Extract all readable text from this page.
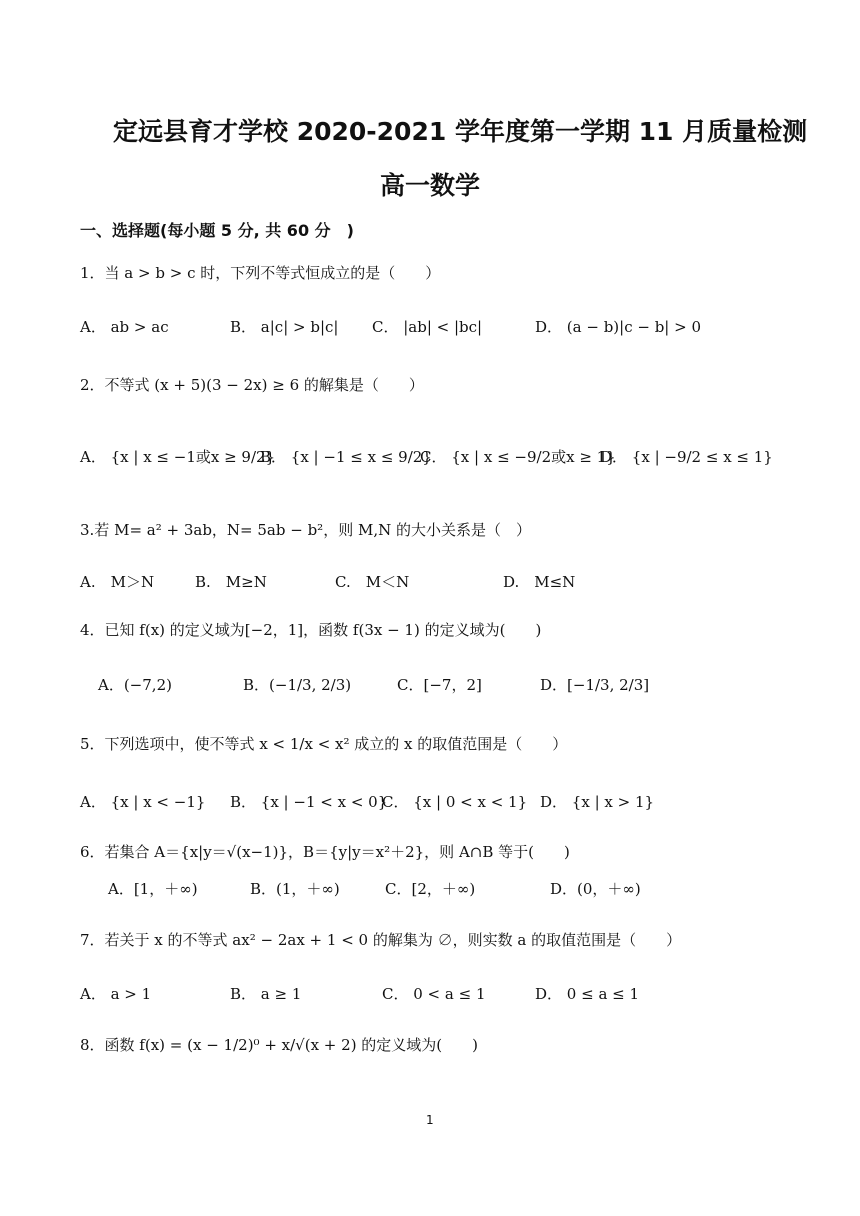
定远县育才学校 2020-2021 学年度第一学期 11 月质量检测
高一数学
一、选择题(每小题 5 分, 共 60 分　)
1．当 a > b > c 时，下列不等式恒成立的是（　　）
A． ab > ac	B． a|c| > b|c| C． |ab| < |bc|	D． (a − b)|c − b| > 0
2．不等式 (x + 5)(3 − 2x) ≥ 6 的解集是（　　）
A． {x | x ≤ −1或x ≥ 9/2}
B． {x | −1 ≤ x ≤ 9/2}
C． {x | x ≤ −9/2或x ≥ 1}
D． {x | −9/2 ≤ x ≤ 1}
3.若 M= a² + 3ab，N= 5ab − b²，则 M,N 的大小关系是（　）
A.　M＞N	B.　M≥N	C.　M＜N	D.　M≤N
4．已知 f(x) 的定义域为[−2，1]，函数 f(3x − 1) 的定义域为(　　)
A．(−7,2)	B．(−1/3, 2/3)	C．[−7，2]	D．[−1/3, 2/3]
5．下列选项中，使不等式 x < 1/x < x² 成立的 x 的取值范围是（　　）
A． {x | x < −1} B． {x | −1 < x < 0}
C． {x | 0 < x < 1} D． {x | x > 1}
6．若集合 A＝{x|y＝√(x−1)}，B＝{y|y＝x²＋2}，则 A∩B 等于(　　)
A．[1，＋∞)	B．(1，＋∞)	C．[2，＋∞)	D．(0，＋∞)
7．若关于 x 的不等式 ax² − 2ax + 1 < 0 的解集为 ∅，则实数 a 的取值范围是（　　）
A． a > 1	B． a ≥ 1	C． 0 < a ≤ 1	D． 0 ≤ a ≤ 1
8．函数 f(x) = (x − 1/2)⁰ + x/√(x + 2) 的定义域为(　　)
1
